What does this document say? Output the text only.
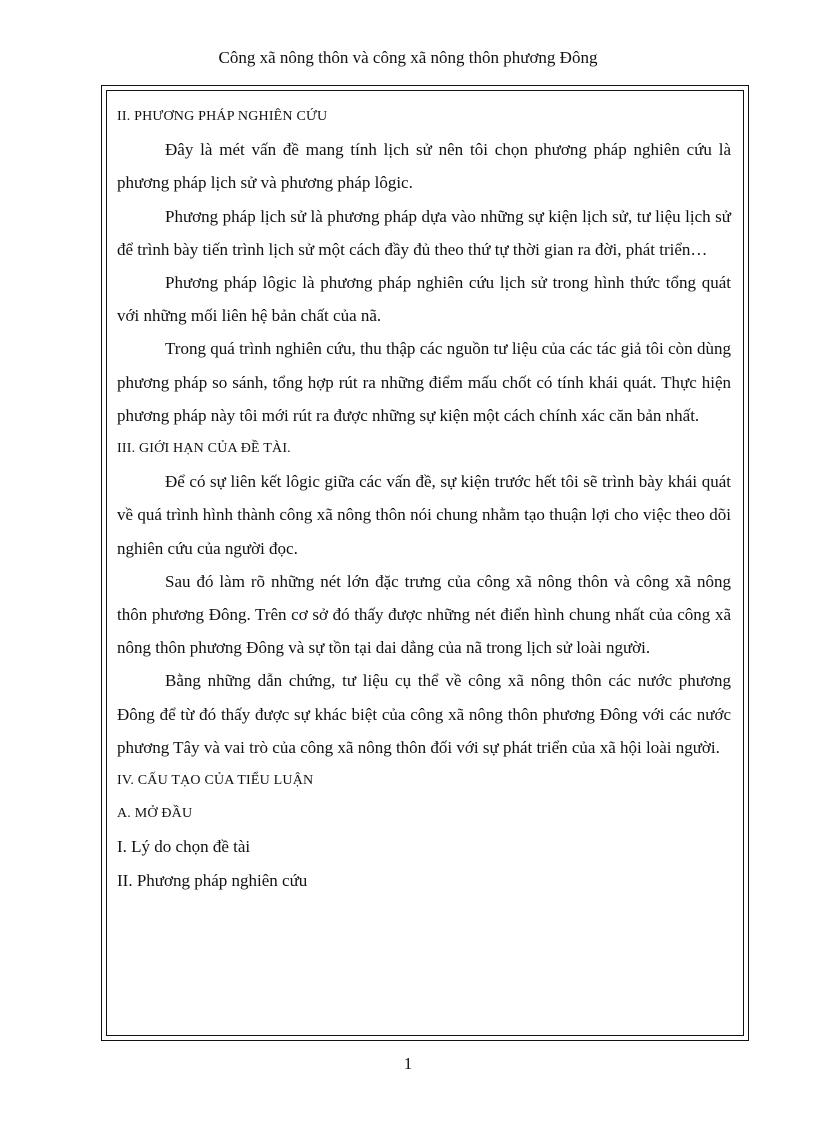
Công xã nông thôn và công xã nông thôn phương Đông

II. PHƯƠNG PHÁP NGHIÊN CỨU

Đây là mét vấn đề mang tính lịch sử nên tôi chọn phương pháp nghiên cứu là phương pháp lịch sử và phương pháp lôgic.

Phương pháp lịch sử là phương pháp dựa vào những sự kiện lịch sử, tư liệu lịch sử để trình bày tiến trình lịch sử một cách đầy đủ theo thứ tự thời gian ra đời, phát triển…

Phương pháp lôgic là phương pháp nghiên cứu lịch sử trong hình thức tổng quát với những mối liên hệ bản chất của nã.

Trong quá trình nghiên cứu, thu thập các nguồn tư liệu của các tác giả tôi còn dùng phương pháp so sánh, tổng hợp rút ra những điểm mấu chốt có tính khái quát. Thực hiện phương pháp này tôi mới rút ra được những sự kiện một cách chính xác căn bản nhất.

III. GIỚI HẠN CỦA ĐỀ TÀI.

Để có sự liên kết lôgic giữa các vấn đề, sự kiện trước hết tôi sẽ trình bày khái quát về quá trình hình thành công xã nông thôn nói chung nhằm tạo thuận lợi cho việc theo dõi nghiên cứu của người đọc.

Sau đó làm rõ những nét lớn đặc trưng của công xã nông thôn và công xã nông thôn phương Đông. Trên cơ sở đó thấy được những nét điển hình chung nhất của công xã nông thôn phương Đông và sự tồn tại dai dẳng của nã trong lịch sử loài người.

Bằng những dẫn chứng, tư liệu cụ thể về công xã nông thôn các nước phương Đông để từ đó thấy được sự khác biệt của công xã nông thôn phương Đông với các nước phương Tây và vai trò của công xã nông thôn đối với sự phát triển của xã hội loài người.

IV. CẤU TẠO CỦA TIỂU LUẬN

A. MỞ ĐẦU

I. Lý do chọn đề tài

II. Phương pháp nghiên cứu

1
